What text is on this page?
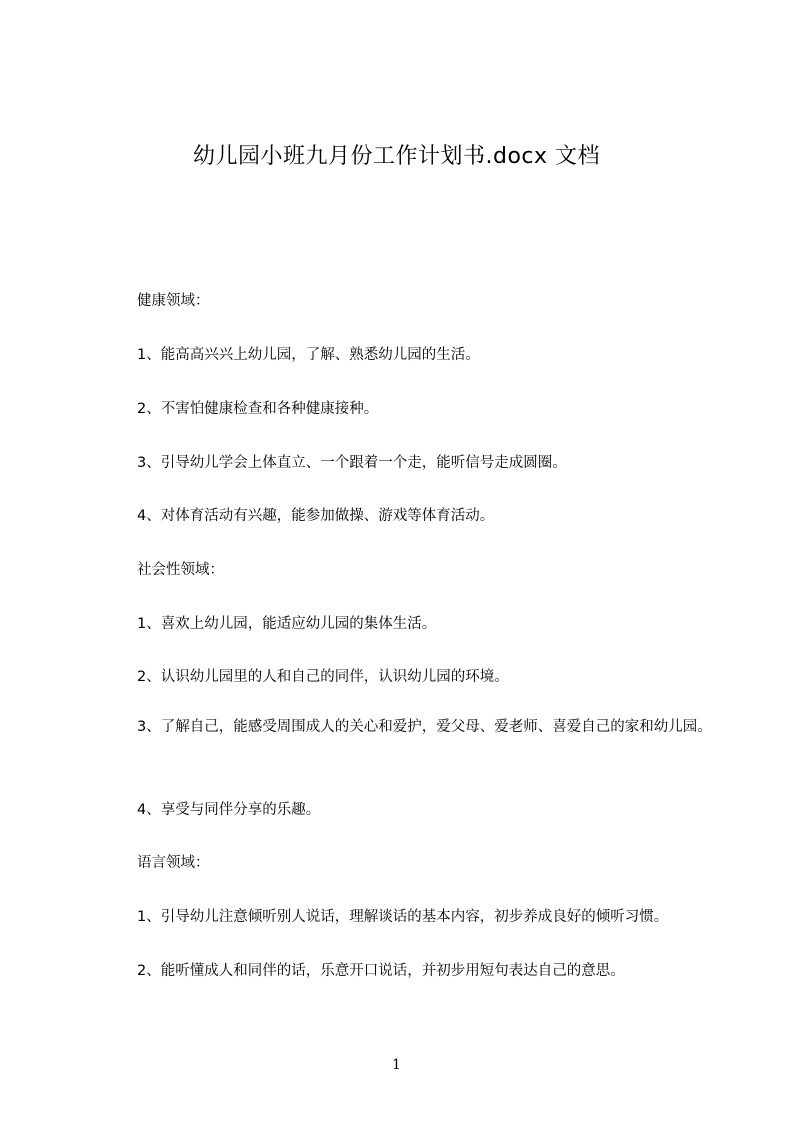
幼儿园小班九月份工作计划书.docx 文档
健康领域：
1、能高高兴兴上幼儿园，了解、熟悉幼儿园的生活。
2、不害怕健康检查和各种健康接种。
3、引导幼儿学会上体直立、一个跟着一个走，能听信号走成圆圈。
4、对体育活动有兴趣，能参加做操、游戏等体育活动。
社会性领域：
1、喜欢上幼儿园，能适应幼儿园的集体生活。
2、认识幼儿园里的人和自己的同伴，认识幼儿园的环境。
3、了解自己，能感受周围成人的关心和爱护，爱父母、爱老师、喜爱自己的家和幼儿园。
4、享受与同伴分享的乐趣。
语言领域：
1、引导幼儿注意倾听别人说话，理解谈话的基本内容，初步养成良好的倾听习惯。
2、能听懂成人和同伴的话，乐意开口说话，并初步用短句表达自己的意思。
1
